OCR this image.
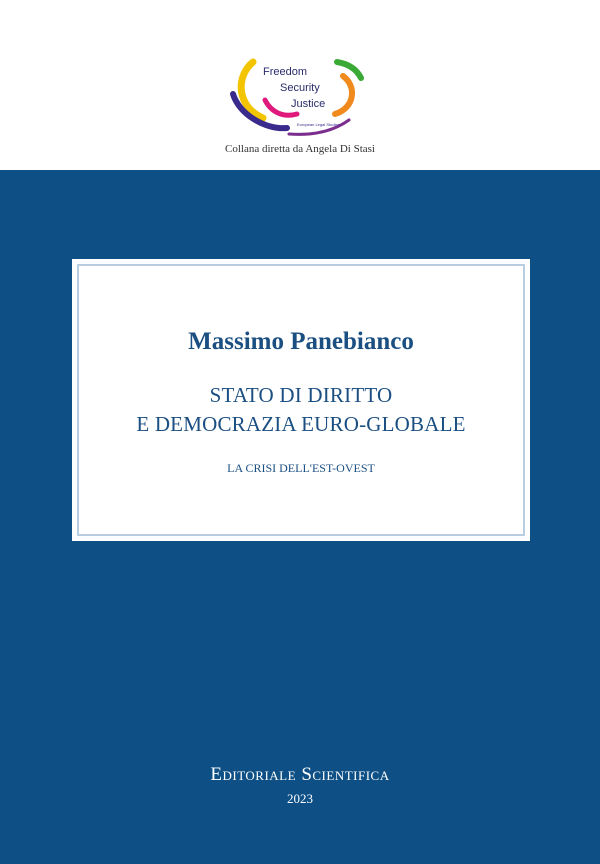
Freedom
Security
Justice
European Legal Studies
Collana diretta da Angela Di Stasi
Massimo Panebianco
STATO DI DIRITTO
E DEMOCRAZIA EURO-GLOBALE
LA CRISI DELL'EST-OVEST
Editoriale Scientifica
2023
